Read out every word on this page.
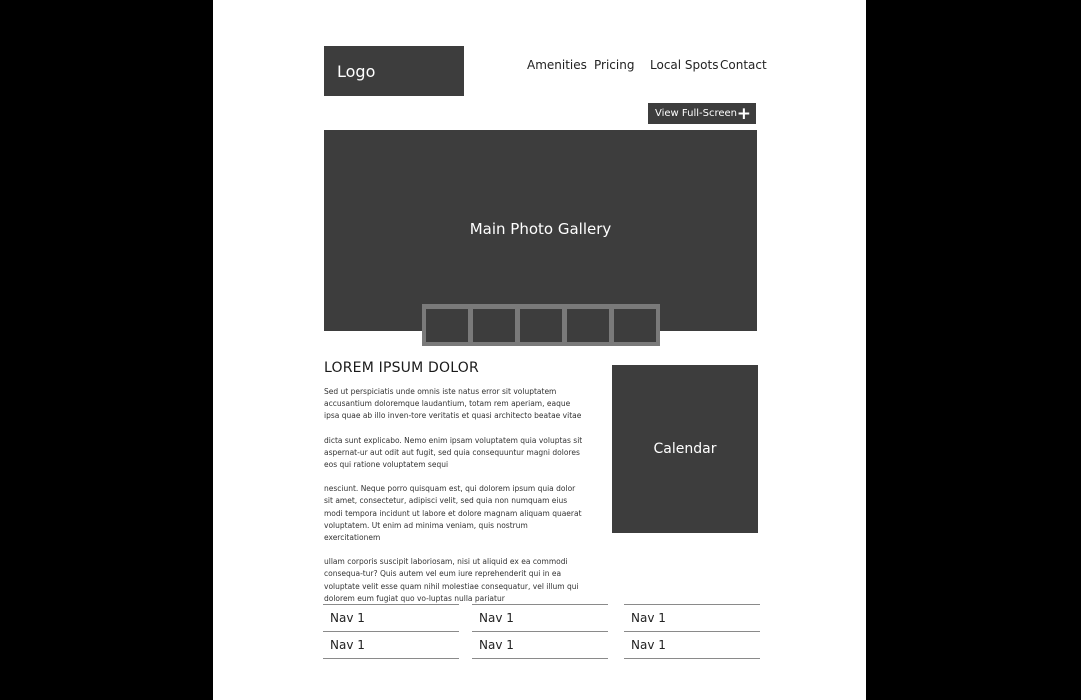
Logo	Amenities Pricing Local Spots Contact
View Full-Screen +
Main Photo Gallery
LOREM IPSUM DOLOR

Sed ut perspiciatis unde omnis iste natus error sit voluptatem accusantium doloremque laudantium, totam rem aperiam, eaque ipsa quae ab illo inven-tore veritatis et quasi architecto beatae vitae

dicta sunt explicabo. Nemo enim ipsam voluptatem quia voluptas sit aspernat-ur aut odit aut fugit, sed quia consequuntur magni dolores eos qui ratione voluptatem sequi

nesciunt. Neque porro quisquam est, qui dolorem ipsum quia dolor sit amet, consectetur, adipisci velit, sed quia non numquam eius modi tempora incidunt ut labore et dolore magnam aliquam quaerat voluptatem. Ut enim ad minima veniam, quis nostrum exercitationem

ullam corporis suscipit laboriosam, nisi ut aliquid ex ea commodi consequa-tur? Quis autem vel eum iure reprehenderit qui in ea voluptate velit esse quam nihil molestiae consequatur, vel illum qui dolorem eum fugiat quo vo-luptas nulla pariatur

Calendar
Nav 1
Nav 1
Nav 1
Nav 1
Nav 1
Nav 1
